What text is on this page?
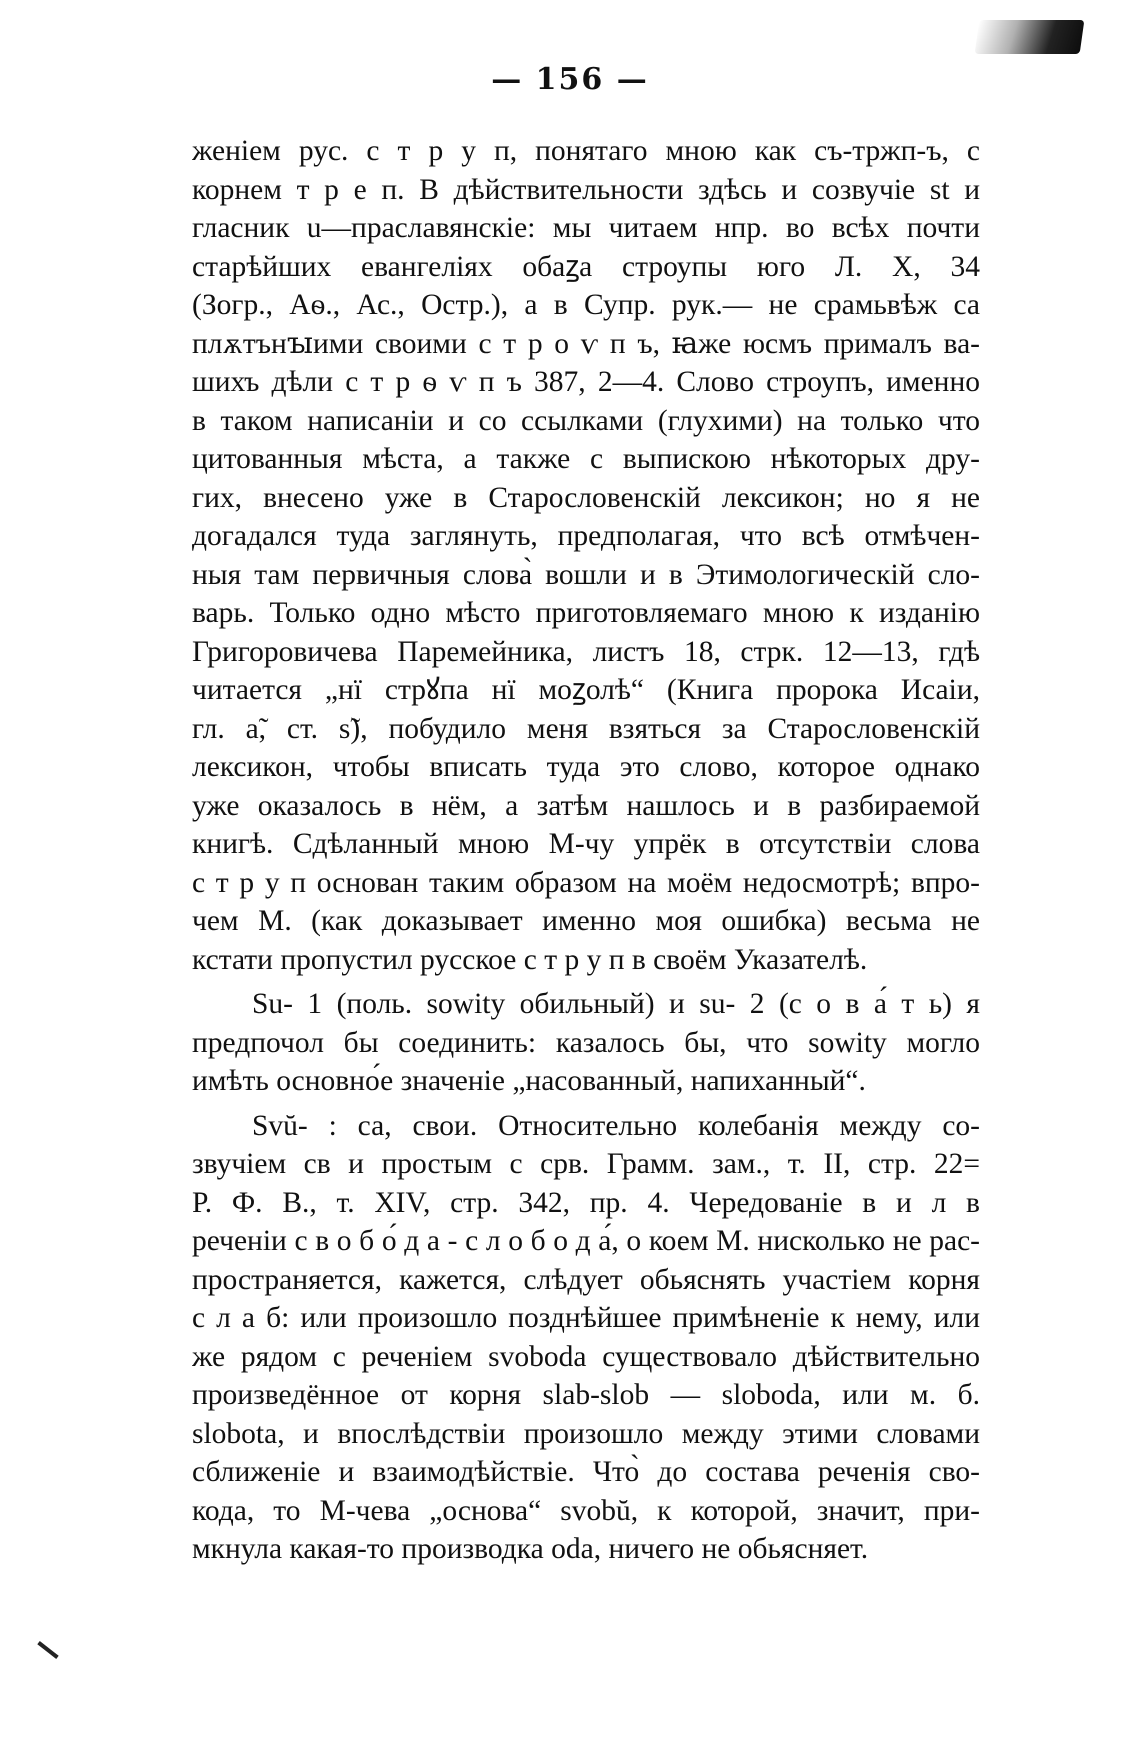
— 156 —
женіем рус. с т р у п, понятаго мною как съ-тржп-ъ, с
корнем т р е п. В дѣйствительности здѣсь и созвучіе st и
гласник u—праславянскіе: мы читаем нпр. во всѣх почти
старѣйших евангеліях обаꙁа строупы юго Л. X, 34
(Зогр., Аѳ., Ас., Остр.), а в Супр. рук.— не срамьвѣж са
плѫтънꙑими своими с т р о ѵ п ъ, ꙗже юсмъ прималъ ва-
шихъ дѣли с т р ѳ ѵ п ъ 387, 2—4. Слово строупъ, именно
в таком написаніи и со ссылками (глухими) на только что
цитованныя мѣста, а также с выпискою нѣкоторых дру-
гих, внесено уже в Старословенскій лексикон; но я не
догадался туда заглянуть, предполагая, что всѣ отмѣчен-
ныя там первичныя слова̀ вошли и в Этимологическій сло-
варь. Только одно мѣсто приготовляемаго мною к изданію
Григоровичева Паремейника, листъ 18, стрк. 12—13, гдѣ
читается „нї стрꙋпа нї моꙁолѣ“ (Книга пророка Исаіи,
гл. а̃, ст. ѕ̃), побудило меня взяться за Старословенскій
лексикон, чтобы вписать туда это слово, которое однако
уже оказалось в нём, а затѣм нашлось и в разбираемой
книгѣ. Сдѣланный мною М-чу упрёк в отсутствіи слова
с т р у п основан таким образом на моём недосмотрѣ; впро-
чем М. (как доказывает именно моя ошибка) весьма не
кстати пропустил русское с т р у п в своём Указателѣ.
Su- 1 (поль. sowity обильный) и su- 2 (с о в а́ т ь) я
предпочол бы соединить: казалось бы, что sowity могло
имѣть основно́е значеніе „насованный, напиханный“.
Svŭ- : са, свои. Относительно колебанія между со-
звучіем св и простым с срв. Грамм. зам., т. II, стр. 22=
Р. Ф. В., т. XIV, стр. 342, пр. 4. Чередованіе в и л в
реченіи с в о б о́ д а - с л о б о д а́, о коем М. нисколько не рас-
пространяется, кажется, слѣдует обьяснять участіем корня
с л а б: или произошло позднѣйшее примѣненіе к нему, или
же рядом с реченіем svoboda существовало дѣйствительно
произведённое от корня slab-slob — sloboda, или м. б.
slobota, и впослѣдствіи произошло между этими словами
сближеніе и взаимодѣйствіе. Что̀ до состава реченія сво-
кода, то М-чева „основа“ svobŭ, к которой, значит, при-
мкнула какая-то производка oda, ничего не обьясняет.
